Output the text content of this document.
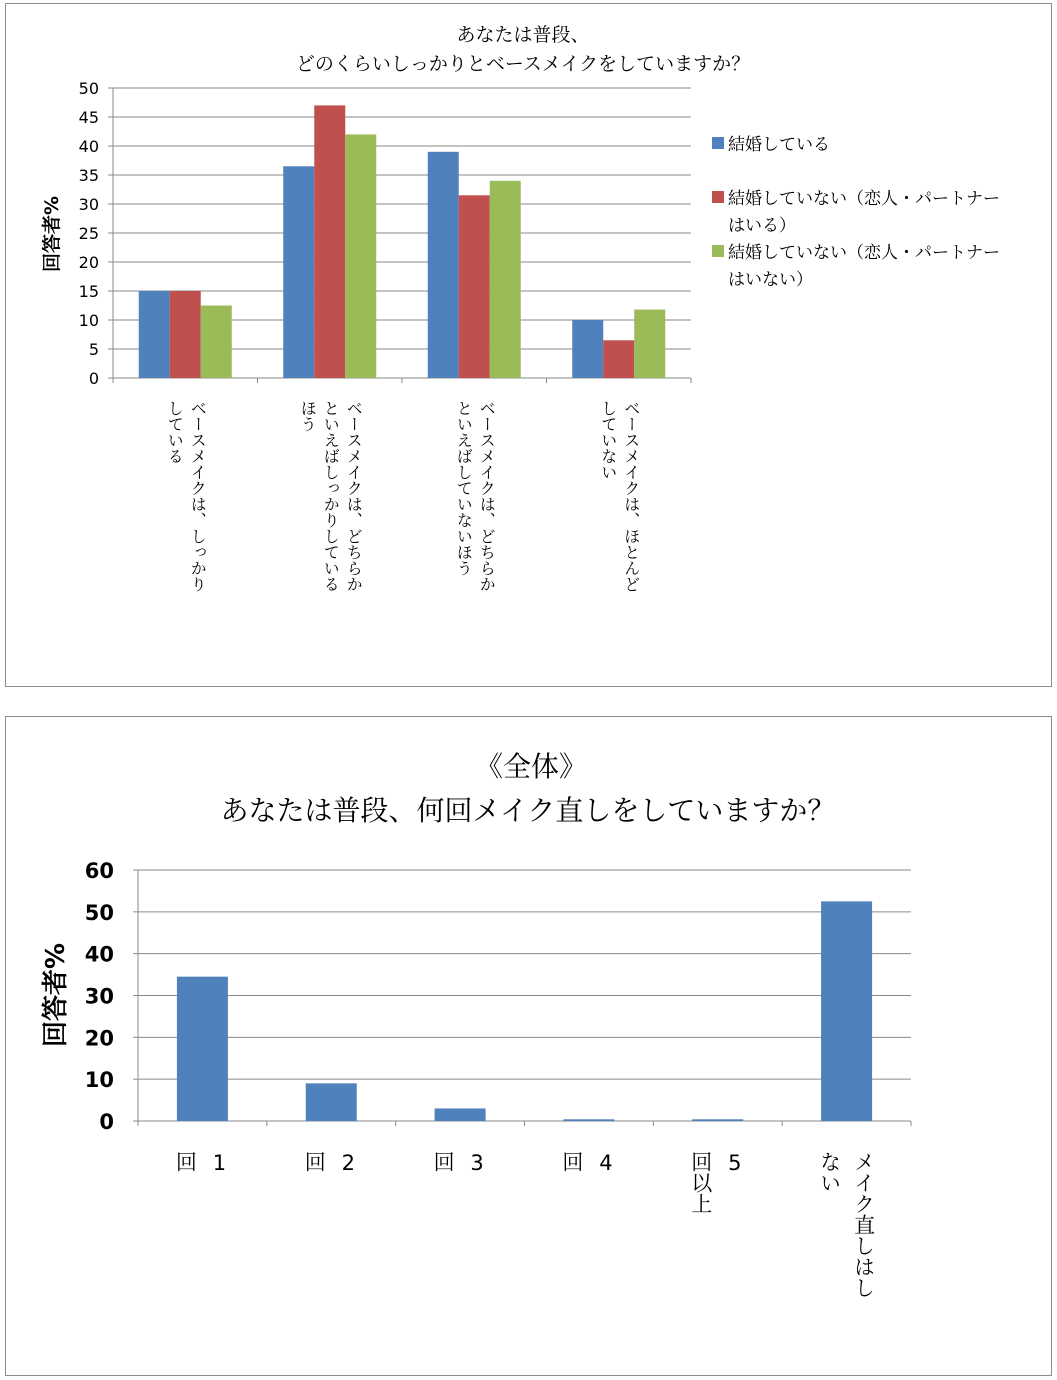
あなたは普段、
どのくらいしっかりとベースメイクをしていますか？
0
5
10
15
20
25
30
35
40
45
50
回答者%
結婚している
結婚していない（恋人・パートナー
はいる）
結婚していない（恋人・パートナー
はいない）
ベースメイクは、しっかり
している	ベースメイクは、どちらか
といえばしっかりしている
ほう	ベースメイクは、どちらか
といえばしていないほう	ベースメイクは、ほとんど
していない
《全体》
あなたは普段、何回メイク直しをしていますか？
0
10
20
30
40
50
60
回答者%
1
回	2
回	3
回	4
回	5
回以上	メイク直しはし
ない
